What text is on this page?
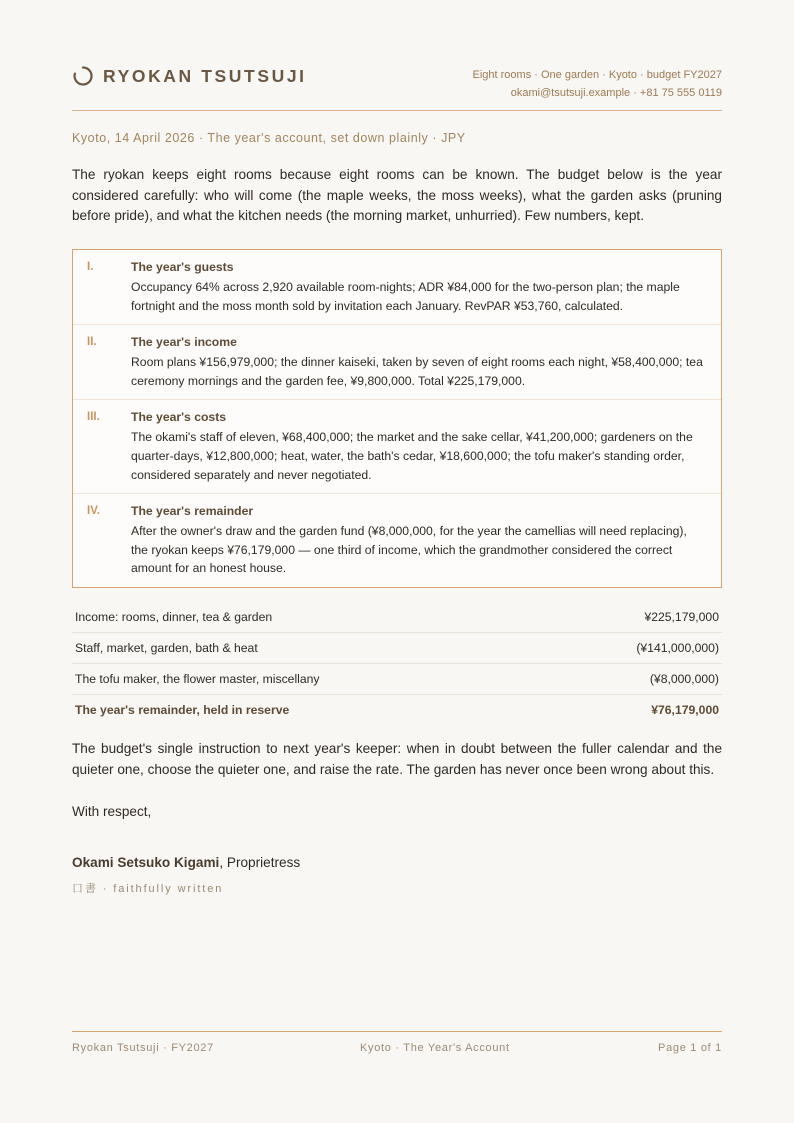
RYOKAN TSUTSUJI	Eight rooms · One garden · Kyoto · budget FY2027
okami@tsutsuji.example · +81 75 555 0119
Kyoto, 14 April 2026 · The year's account, set down plainly · JPY

The ryokan keeps eight rooms because eight rooms can be known. The budget below is the year considered carefully: who will come (the maple weeks, the moss weeks), what the garden asks (pruning before pride), and what the kitchen needs (the morning market, unhurried). Few numbers, kept.

I.	The year's guests
Occupancy 64% across 2,920 available room-nights; ADR ¥84,000 for the two-person plan; the maple fortnight and the moss month sold by invitation each January. RevPAR ¥53,760, calculated.
II.	The year's income
Room plans ¥156,979,000; the dinner kaiseki, taken by seven of eight rooms each night, ¥58,400,000; tea ceremony mornings and the garden fee, ¥9,800,000. Total ¥225,179,000.
III.	The year's costs
The okami's staff of eleven, ¥68,400,000; the market and the sake cellar, ¥41,200,000; gardeners on the quarter-days, ¥12,800,000; heat, water, the bath's cedar, ¥18,600,000; the tofu maker's standing order, considered separately and never negotiated.
IV.	The year's remainder
After the owner's draw and the garden fund (¥8,000,000, for the year the camellias will need replacing), the ryokan keeps ¥76,179,000 — one third of income, which the grandmother considered the correct amount for an honest house.
Income: rooms, dinner, tea & garden	¥225,179,000
Staff, market, garden, bath & heat	(¥141,000,000)
The tofu maker, the flower master, miscellany	(¥8,000,000)
The year's remainder, held in reserve	¥76,179,000

The budget's single instruction to next year's keeper: when in doubt between the fuller calendar and the quieter one, choose the quieter one, and raise the rate. The garden has never once been wrong about this.

With respect,
Okami Setsuko Kigami, Proprietress
口書 · faithfully written
Ryokan Tsutsuji · FY2027	Kyoto · The Year's Account	Page 1 of 1
